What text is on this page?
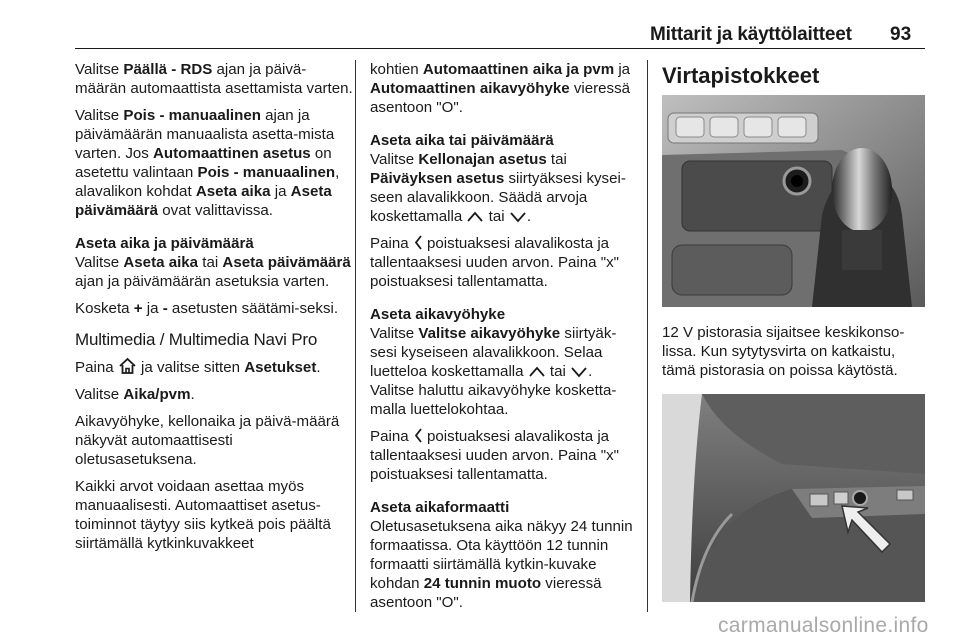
Mittarit ja käyttölaitteet 93

Valitse Päällä - RDS ajan ja päivä-määrän automaattista asettamista varten.

Valitse Pois - manuaalinen ajan ja päivämäärän manuaalista asetta-mista varten. Jos Automaattinen asetus on asetettu valintaan Pois - manuaalinen, alavalikon kohdat Aseta aika ja Aseta päivämäärä ovat valittavissa.

Aseta aika ja päivämäärä

Valitse Aseta aika tai Aseta päivämäärä ajan ja päivämäärän asetuksia varten.

Kosketa + ja - asetusten säätämi-seksi.

Multimedia / Multimedia Navi Pro

Paina  ja valitse sitten Asetukset.

Valitse Aika/pvm.

Aikavyöhyke, kellonaika ja päivä-määrä näkyvät automaattisesti oletusasetuksena.

Kaikki arvot voidaan asettaa myös manuaalisesti. Automaattiset asetus-toiminnot täytyy siis kytkeä pois päältä siirtämällä kytkinkuvakkeet

kohtien Automaattinen aika ja pvm ja Automaattinen aikavyöhyke vieressä asentoon "O".

Aseta aika tai päivämäärä

Valitse Kellonajan asetus tai Päiväyksen asetus siirtyäksesi kysei-seen alavalikkoon. Säädä arvoja koskettamalla  tai .

Paina  poistuaksesi alavalikosta ja tallentaaksesi uuden arvon. Paina "x" poistuaksesi tallentamatta.

Aseta aikavyöhyke

Valitse Valitse aikavyöhyke siirtyäk-sesi kyseiseen alavalikkoon. Selaa luetteloa koskettamalla  tai . Valitse haluttu aikavyöhyke kosketta-malla luettelokohtaa.

Paina  poistuaksesi alavalikosta ja tallentaaksesi uuden arvon. Paina "x" poistuaksesi tallentamatta.

Aseta aikaformaatti

Oletusasetuksena aika näkyy 24 tunnin formaatissa. Ota käyttöön 12 tunnin formaatti siirtämällä kytkin-kuvake kohdan 24 tunnin muoto vieressä asentoon "O".

Virtapistokkeet

12 V pistorasia sijaitsee keskikonso-lissa. Kun sytytysvirta on katkaistu, tämä pistorasia on poissa käytöstä.

carmanualsonline.info
